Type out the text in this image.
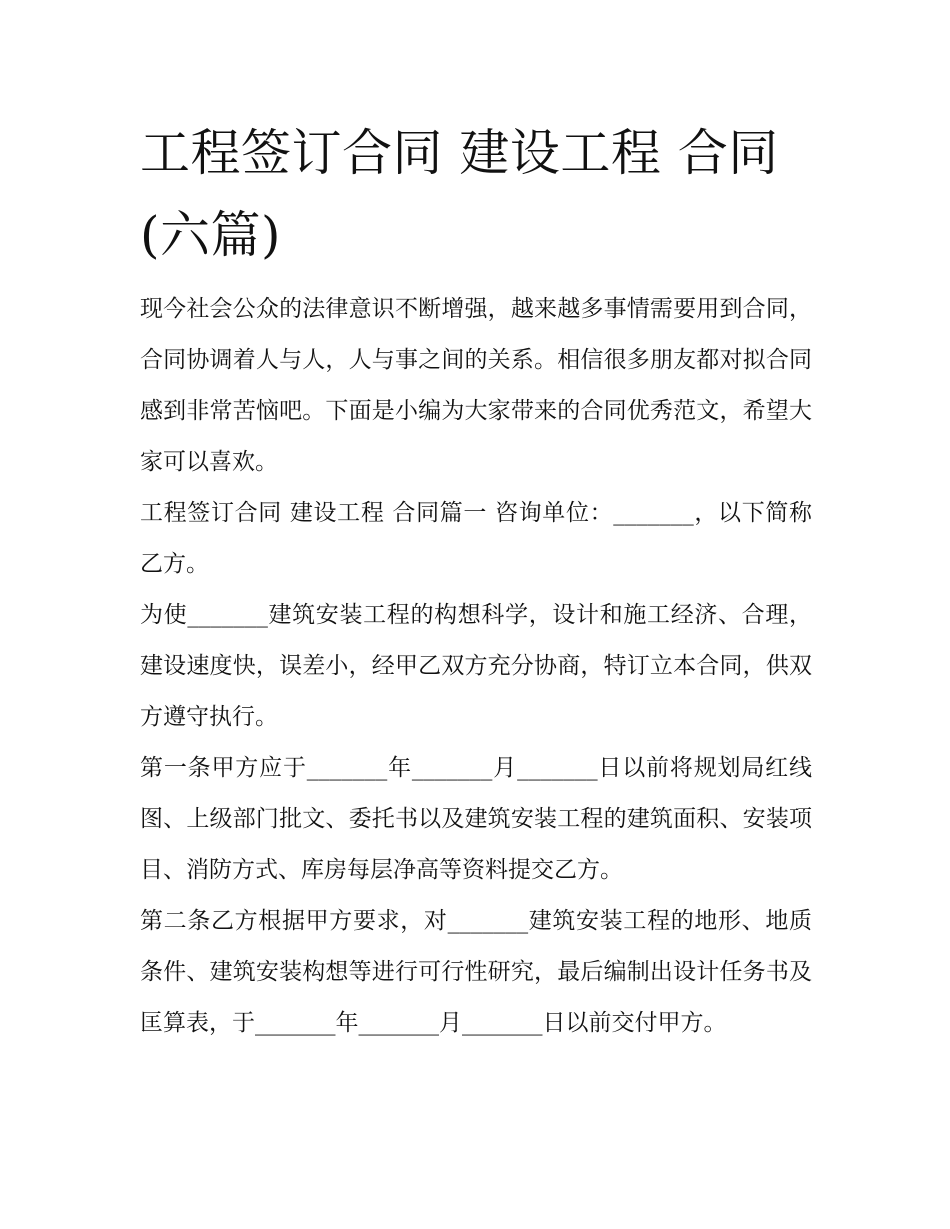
工程签订合同 建设工程 合同(六篇)

现今社会公众的法律意识不断增强，越来越多事情需要用到合同，合同协调着人与人，人与事之间的关系。相信很多朋友都对拟合同感到非常苦恼吧。下面是小编为大家带来的合同优秀范文，希望大家可以喜欢。

工程签订合同 建设工程 合同篇一 咨询单位：_______，以下简称乙方。

为使_______建筑安装工程的构想科学，设计和施工经济、合理，建设速度快，误差小，经甲乙双方充分协商，特订立本合同，供双方遵守执行。

第一条甲方应于_______年_______月_______日以前将规划局红线图、上级部门批文、委托书以及建筑安装工程的建筑面积、安装项目、消防方式、库房每层净高等资料提交乙方。

第二条乙方根据甲方要求，对_______建筑安装工程的地形、地质条件、建筑安装构想等进行可行性研究，最后编制出设计任务书及匡算表，于_______年_______月_______日以前交付甲方。
